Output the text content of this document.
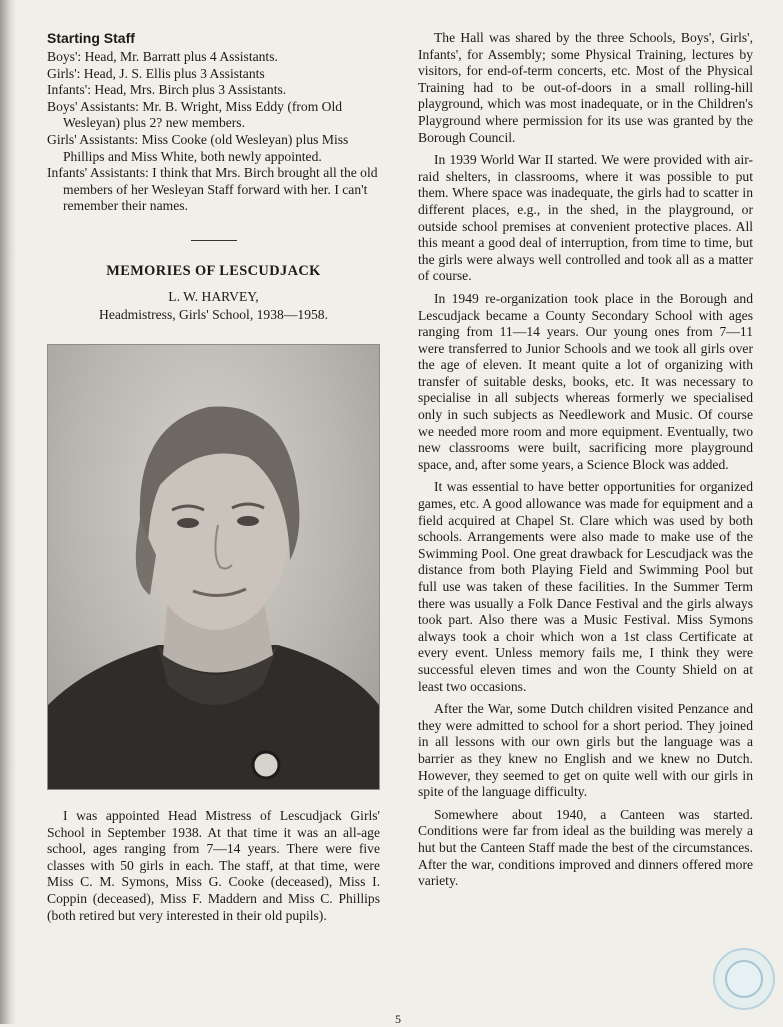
Starting Staff
Boys': Head, Mr. Barratt plus 4 Assistants.
Girls': Head, J. S. Ellis plus 3 Assistants
Infants': Head, Mrs. Birch plus 3 Assistants.
Boys' Assistants: Mr. B. Wright, Miss Eddy (from Old Wesleyan) plus 2? new members.
Girls' Assistants: Miss Cooke (old Wesleyan) plus Miss Phillips and Miss White, both newly appointed.
Infants' Assistants: I think that Mrs. Birch brought all the old members of her Wesleyan Staff forward with her. I can't remember their names.
MEMORIES OF LESCUDJACK

L. W. HARVEY,

Headmistress, Girls' School, 1938—1958.

I was appointed Head Mistress of Lescudjack Girls' School in September 1938. At that time it was an all-age school, ages ranging from 7—14 years. There were five classes with 50 girls in each. The staff, at that time, were Miss C. M. Symons, Miss G. Cooke (deceased), Miss I. Coppin (deceased), Miss F. Maddern and Miss C. Phillips (both retired but very interested in their old pupils).

The Hall was shared by the three Schools, Boys', Girls', Infants', for Assembly; some Physical Training, lectures by visitors, for end-of-term concerts, etc. Most of the Physical Training had to be out-of-doors in a small rolling-hill playground, which was most inadequate, or in the Children's Playground where permission for its use was granted by the Borough Council.

In 1939 World War II started. We were provided with air-raid shelters, in classrooms, where it was possible to put them. Where space was inadequate, the girls had to scatter in different places, e.g., in the shed, in the playground, or outside school premises at convenient protective places. All this meant a good deal of interruption, from time to time, but the girls were always well controlled and took all as a matter of course.

In 1949 re-organization took place in the Borough and Lescudjack became a County Secondary School with ages ranging from 11—14 years. Our young ones from 7—11 were transferred to Junior Schools and we took all girls over the age of eleven. It meant quite a lot of organizing with transfer of suitable desks, books, etc. It was necessary to specialise in all subjects whereas formerly we specialised only in such subjects as Needlework and Music. Of course we needed more room and more equipment. Eventually, two new classrooms were built, sacrificing more playground space, and, after some years, a Science Block was added.

It was essential to have better opportunities for organized games, etc. A good allowance was made for equipment and a field acquired at Chapel St. Clare which was used by both schools. Arrangements were also made to make use of the Swimming Pool. One great drawback for Lescudjack was the distance from both Playing Field and Swimming Pool but full use was taken of these facilities. In the Summer Term there was usually a Folk Dance Festival and the girls always took part. Also there was a Music Festival. Miss Symons always took a choir which won a 1st class Certificate at every event. Unless memory fails me, I think they were successful eleven times and won the County Shield on at least two occasions.

After the War, some Dutch children visited Penzance and they were admitted to school for a short period. They joined in all lessons with our own girls but the language was a barrier as they knew no English and we knew no Dutch. However, they seemed to get on quite well with our girls in spite of the language difficulty.

Somewhere about 1940, a Canteen was started. Conditions were far from ideal as the building was merely a hut but the Canteen Staff made the best of the circumstances. After the war, conditions improved and dinners offered more variety.

5
